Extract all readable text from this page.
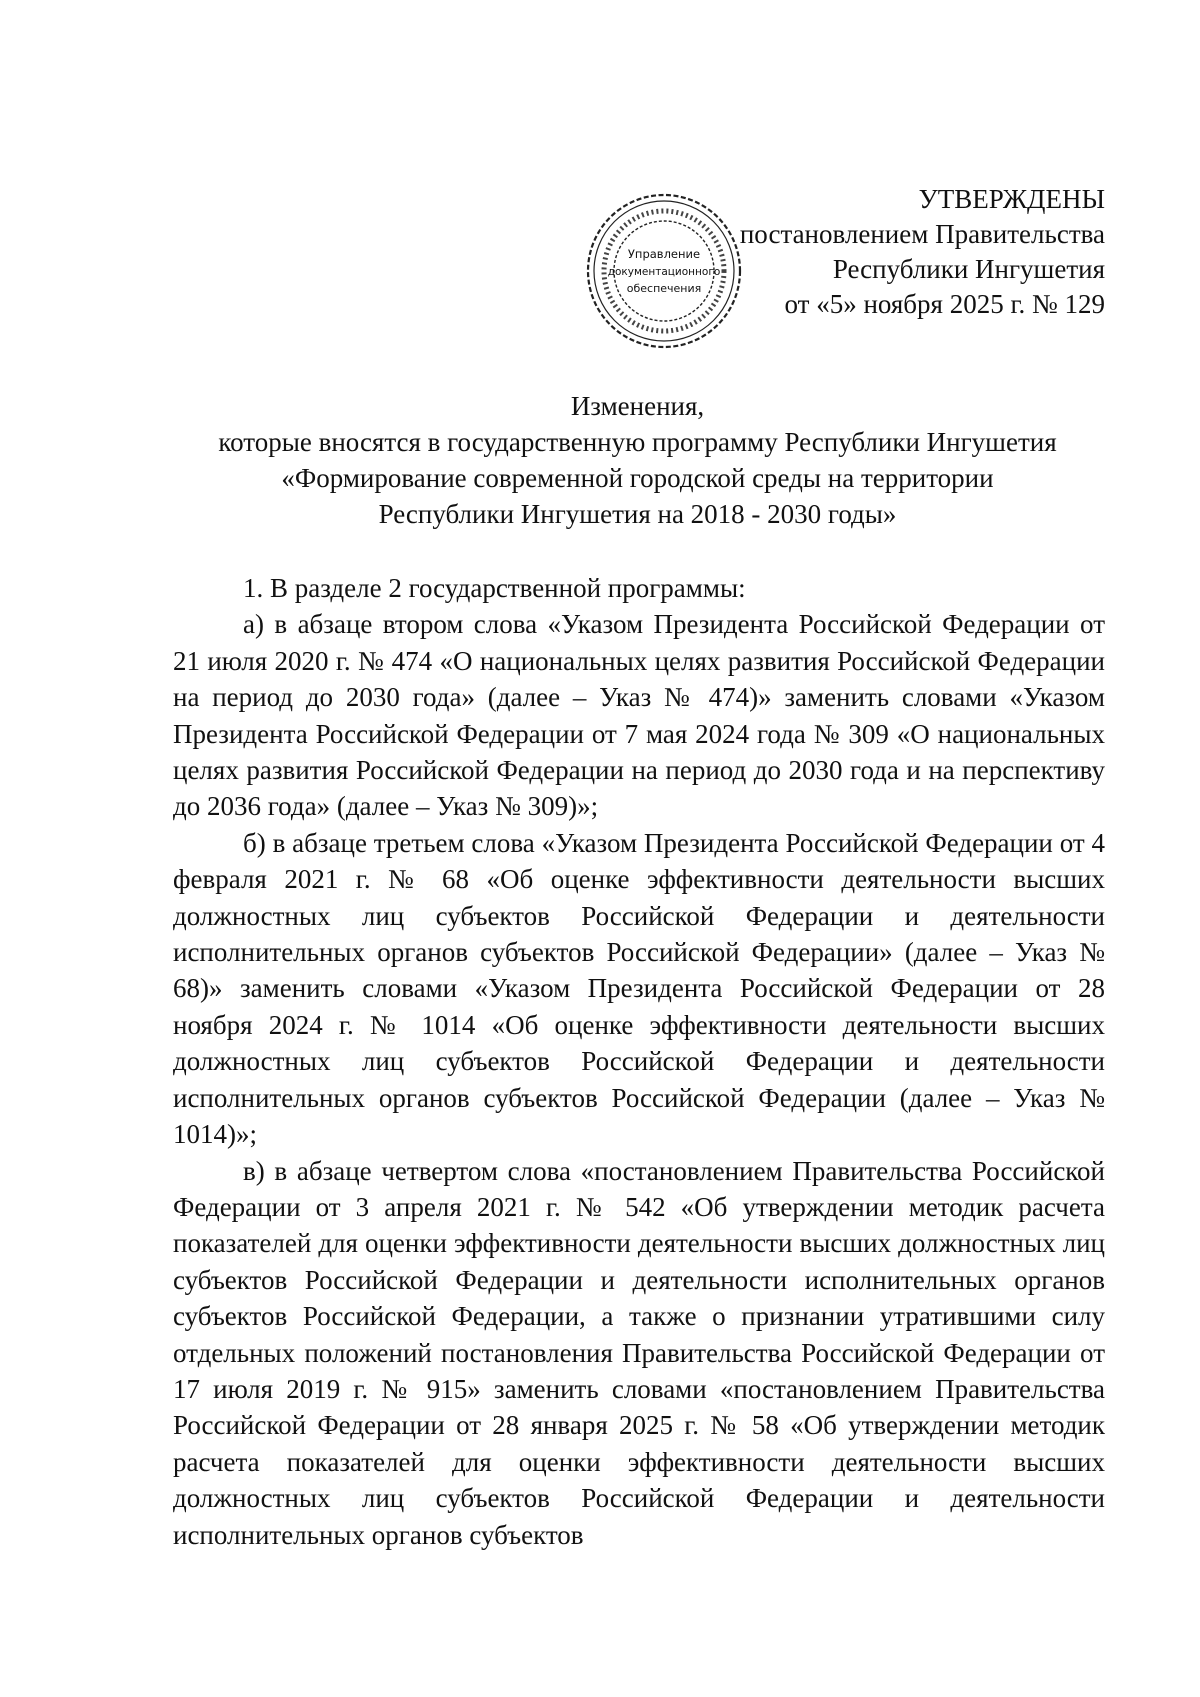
Управление
документационного
обеспечения
УТВЕРЖДЕНЫ
постановлением Правительства
Республики Ингушетия
от «5» ноября 2025 г. № 129
Изменения,
которые вносятся в государственную программу Республики Ингушетия
«Формирование современной городской среды на территории
Республики Ингушетия на 2018 - 2030 годы»

1. В разделе 2 государственной программы:

а) в абзаце втором слова «Указом Президента Российской Федерации от 21 июля 2020 г. № 474 «О национальных целях развития Российской Федерации на период до 2030 года» (далее – Указ № 474)» заменить словами «Указом Президента Российской Федерации от 7 мая 2024 года № 309 «О национальных целях развития Российской Федерации на период до 2030 года и на перспективу до 2036 года» (далее – Указ № 309)»;

б) в абзаце третьем слова «Указом Президента Российской Федерации от 4 февраля 2021 г. № 68 «Об оценке эффективности деятельности высших должностных лиц субъектов Российской Федерации и деятельности исполнительных органов субъектов Российской Федерации» (далее – Указ № 68)» заменить словами «Указом Президента Российской Федерации от 28 ноября 2024 г. № 1014 «Об оценке эффективности деятельности высших должностных лиц субъектов Российской Федерации и деятельности исполнительных органов субъектов Российской Федерации (далее – Указ № 1014)»;

в) в абзаце четвертом слова «постановлением Правительства Российской Федерации от 3 апреля 2021 г. № 542 «Об утверждении методик расчета показателей для оценки эффективности деятельности высших должностных лиц субъектов Российской Федерации и деятельности исполнительных органов субъектов Российской Федерации, а также о признании утратившими силу отдельных положений постановления Правительства Российской Федерации от 17 июля 2019 г. № 915» заменить словами «постановлением Правительства Российской Федерации от 28 января 2025 г. № 58 «Об утверждении методик расчета показателей для оценки эффективности деятельности высших должностных лиц субъектов Российской Федерации и деятельности исполнительных органов субъектов
